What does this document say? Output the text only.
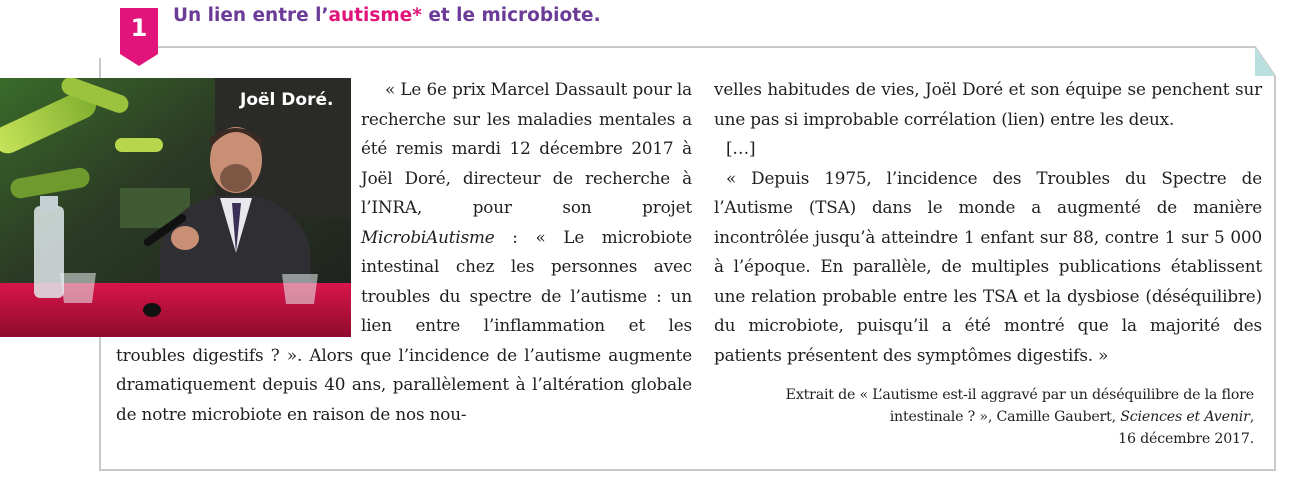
1	Un lien entre l’autisme* et le microbiote.
Joël Doré.

« Le 6e prix Marcel Dassault pour la recherche sur les maladies mentales a été remis mardi 12 décembre 2017 à Joël Doré, directeur de recherche à l’INRA, pour son projet MicrobiAutisme : « Le microbiote intestinal chez les personnes avec troubles du spectre de l’autisme : un lien entre l’inflammation et les troubles digestifs ? ». Alors que l’incidence de l’autisme augmente dramatiquement depuis 40 ans, parallèlement à l’altération globale de notre microbiote en raison de nos nou-

velles habitudes de vies, Joël Doré et son équipe se penchent sur une pas si improbable corrélation (lien) entre les deux.

[…]

« Depuis 1975, l’incidence des Troubles du Spectre de l’Autisme (TSA) dans le monde a augmenté de manière incontrôlée jusqu’à atteindre 1 enfant sur 88, contre 1 sur 5 000 à l’époque. En parallèle, de multiples publications établissent une relation probable entre les TSA et la dysbiose (déséquilibre) du microbiote, puisqu’il a été montré que la majorité des patients présentent des symptômes digestifs. »

Extrait de « L’autisme est-il aggravé par un déséquilibre de la flore

intestinale ? », Camille Gaubert, Sciences et Avenir,

16 décembre 2017.
